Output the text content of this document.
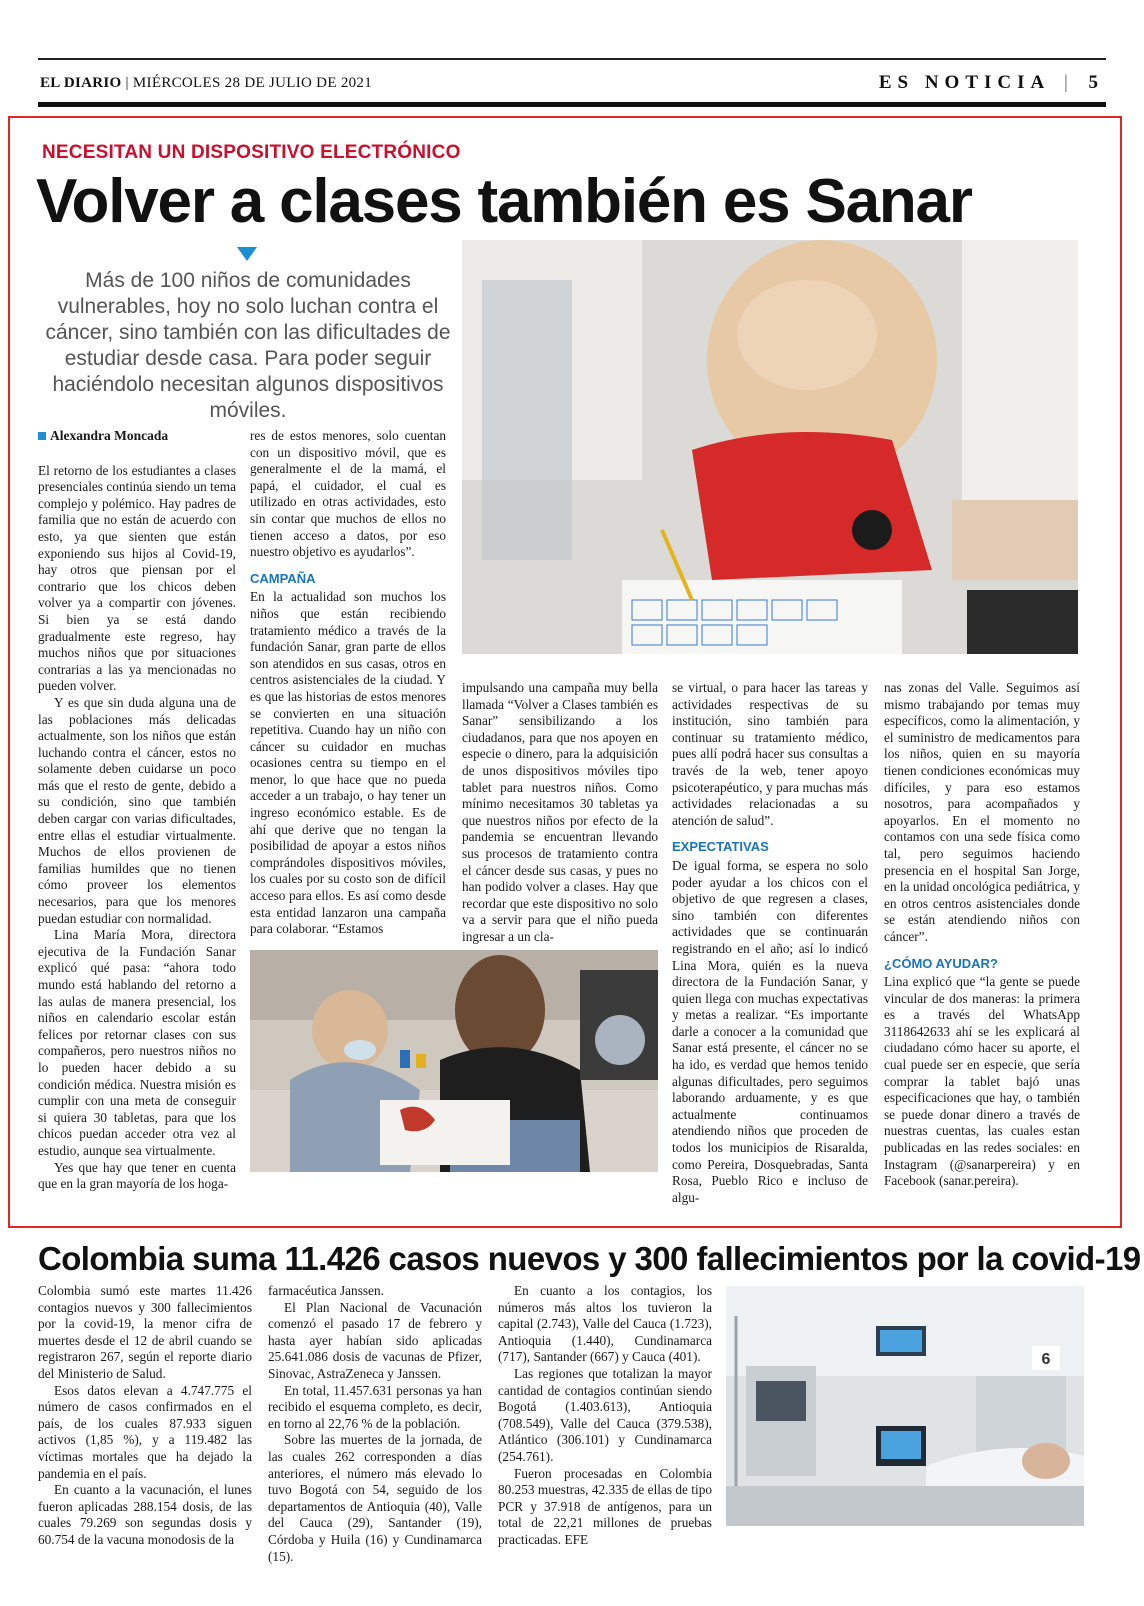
EL DIARIO | MIÉRCOLES 28 DE JULIO DE 2021	ES NOTICIA | 5
NECESITAN UN DISPOSITIVO ELECTRÓNICO
Volver a clases también es Sanar
Más de 100 niños de comunidades vulnerables, hoy no solo luchan contra el cáncer, sino también con las dificultades de estudiar desde casa. Para poder seguir haciéndolo necesitan algunos dispositivos móviles.
Alexandra Moncada

El retorno de los estudiantes a clases presenciales continúa siendo un tema complejo y polémico. Hay padres de familia que no están de acuerdo con esto, ya que sienten que están exponiendo sus hijos al Covid-19, hay otros que piensan por el contrario que los chicos deben volver ya a compartir con jóvenes. Si bien ya se está dando gradualmente este regreso, hay muchos niños que por situaciones contrarias a las ya mencionadas no pueden volver.

Y es que sin duda alguna una de las poblaciones más delicadas actualmente, son los niños que están luchando contra el cáncer, estos no solamente deben cuidarse un poco más que el resto de gente, debido a su condición, sino que también deben cargar con varias dificultades, entre ellas el estudiar virtualmente. Muchos de ellos provienen de familias humildes que no tienen cómo proveer los elementos necesarios, para que los menores puedan estudiar con normalidad.

Lina María Mora, directora ejecutiva de la Fundación Sanar explicó qué pasa: “ahora todo mundo está hablando del retorno a las aulas de manera presencial, los niños en calendario escolar están felices por retornar clases con sus compañeros, pero nuestros niños no lo pueden hacer debido a su condición médica. Nuestra misión es cumplir con una meta de conseguir si quiera 30 tabletas, para que los chicos puedan acceder otra vez al estudio, aunque sea virtualmente.

Yes que hay que tener en cuenta que en la gran mayoría de los hoga-

res de estos menores, solo cuentan con un dispositivo móvil, que es generalmente el de la mamá, el papá, el cuidador, el cual es utilizado en otras actividades, esto sin contar que muchos de ellos no tienen acceso a datos, por eso nuestro objetivo es ayudarlos”.

CAMPAÑA

En la actualidad son muchos los niños que están recibiendo tratamiento médico a través de la fundación Sanar, gran parte de ellos son atendidos en sus casas, otros en centros asistenciales de la ciudad. Y es que las historias de estos menores se convierten en una situación repetitiva. Cuando hay un niño con cáncer su cuidador en muchas ocasiones centra su tiempo en el menor, lo que hace que no pueda acceder a un trabajo, o hay tener un ingreso económico estable. Es de ahí que derive que no tengan la posibilidad de apoyar a estos niños comprándoles dispositivos móviles, los cuales por su costo son de difícil acceso para ellos. Es así como desde esta entidad lanzaron una campaña para colaborar. “Estamos

impulsando una campaña muy bella llamada “Volver a Clases también es Sanar” sensibilizando a los ciudadanos, para que nos apoyen en especie o dinero, para la adquisición de unos dispositivos móviles tipo tablet para nuestros niños. Como mínimo necesitamos 30 tabletas ya que nuestros niños por efecto de la pandemia se encuentran llevando sus procesos de tratamiento contra el cáncer desde sus casas, y pues no han podido volver a clases. Hay que recordar que este dispositivo no solo va a servir para que el niño pueda ingresar a un cla-

se virtual, o para hacer las tareas y actividades respectivas de su institución, sino también para continuar su tratamiento médico, pues allí podrá hacer sus consultas a través de la web, tener apoyo psicoterapéutico, y para muchas más actividades relacionadas a su atención de salud”.

EXPECTATIVAS

De igual forma, se espera no solo poder ayudar a los chicos con el objetivo de que regresen a clases, sino también con diferentes actividades que se continuarán registrando en el año; así lo indicó Lina Mora, quién es la nueva directora de la Fundación Sanar, y quien llega con muchas expectativas y metas a realizar. “Es importante darle a conocer a la comunidad que Sanar está presente, el cáncer no se ha ido, es verdad que hemos tenido algunas dificultades, pero seguimos laborando arduamente, y es que actualmente continuamos atendiendo niños que proceden de todos los municipios de Risaralda, como Pereira, Dosquebradas, Santa Rosa, Pueblo Rico e incluso de algu-

nas zonas del Valle. Seguimos así mismo trabajando por temas muy específicos, como la alimentación, y el suministro de medicamentos para los niños, quien en su mayoría tienen condiciones económicas muy difíciles, y para eso estamos nosotros, para acompañados y apoyarlos. En el momento no contamos con una sede física como tal, pero seguimos haciendo presencia en el hospital San Jorge, en la unidad oncológica pediátrica, y en otros centros asistenciales donde se están atendiendo niños con cáncer”.

¿CÓMO AYUDAR?

Lina explicó que “la gente se puede vincular de dos maneras: la primera es a través del WhatsApp 3118642633 ahí se les explicará al ciudadano cómo hacer su aporte, el cual puede ser en especie, que sería comprar la tablet bajó unas especificaciones que hay, o también se puede donar dinero a través de nuestras cuentas, las cuales estan publicadas en las redes sociales: en Instagram (@sanarpereira) y en Facebook (sanar.pereira).

Colombia suma 11.426 casos nuevos y 300 fallecimientos por la covid-19

Colombia sumó este martes 11.426 contagios nuevos y 300 fallecimientos por la covid-19, la menor cifra de muertes desde el 12 de abril cuando se registraron 267, según el reporte diario del Ministerio de Salud.

Esos datos elevan a 4.747.775 el número de casos confirmados en el país, de los cuales 87.933 siguen activos (1,85 %), y a 119.482 las víctimas mortales que ha dejado la pandemia en el país.

En cuanto a la vacunación, el lunes fueron aplicadas 288.154 dosis, de las cuales 79.269 son segundas dosis y 60.754 de la vacuna monodosis de la

farmacéutica Janssen.

El Plan Nacional de Vacunación comenzó el pasado 17 de febrero y hasta ayer habían sido aplicadas 25.641.086 dosis de vacunas de Pfizer, Sinovac, AstraZeneca y Janssen.

En total, 11.457.631 personas ya han recibido el esquema completo, es decir, en torno al 22,76 % de la población.

Sobre las muertes de la jornada, de las cuales 262 corresponden a días anteriores, el número más elevado lo tuvo Bogotá con 54, seguido de los departamentos de Antioquia (40), Valle del Cauca (29), Santander (19), Córdoba y Huila (16) y Cundinamarca (15).

En cuanto a los contagios, los números más altos los tuvieron la capital (2.743), Valle del Cauca (1.723), Antioquia (1.440), Cundinamarca (717), Santander (667) y Cauca (401).

Las regiones que totalizan la mayor cantidad de contagios continúan siendo Bogotá (1.403.613), Antioquia (708.549), Valle del Cauca (379.538), Atlántico (306.101) y Cundinamarca (254.761).

Fueron procesadas en Colombia 80.253 muestras, 42.335 de ellas de tipo PCR y 37.918 de antígenos, para un total de 22,21 millones de pruebas practicadas. EFE

6
